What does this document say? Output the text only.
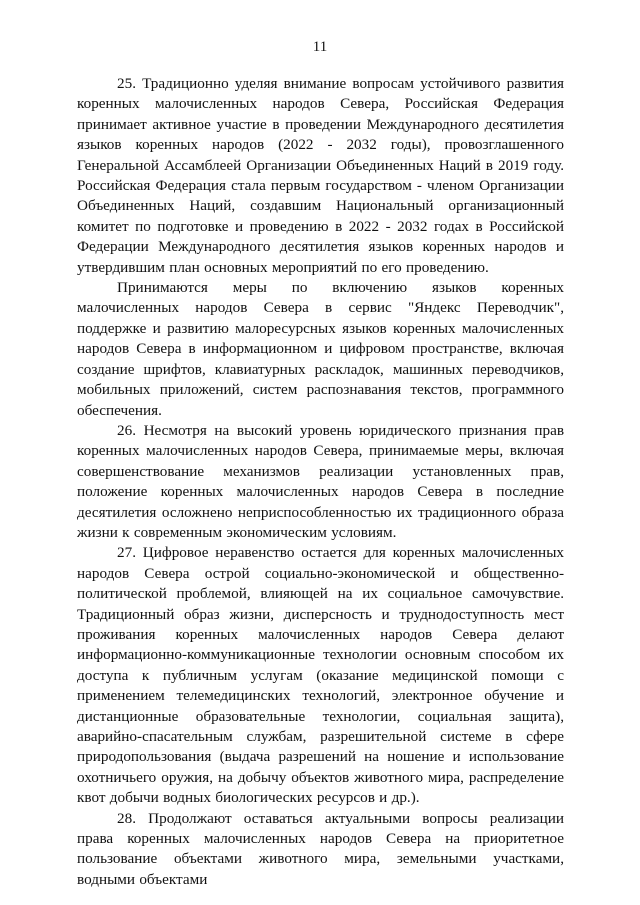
11

25. Традиционно уделяя внимание вопросам устойчивого развития коренных малочисленных народов Севера, Российская Федерация принимает активное участие в проведении Международного десятилетия языков коренных народов (2022 - 2032 годы), провозглашенного Генеральной Ассамблеей Организации Объединенных Наций в 2019 году. Российская Федерация стала первым государством - членом Организации Объединенных Наций, создавшим Национальный организационный комитет по подготовке и проведению в 2022 - 2032 годах в Российской Федерации Международного десятилетия языков коренных народов и утвердившим план основных мероприятий по его проведению.

Принимаются меры по включению языков коренных малочисленных народов Севера в сервис "Яндекс Переводчик", поддержке и развитию малоресурсных языков коренных малочисленных народов Севера в информационном и цифровом пространстве, включая создание шрифтов, клавиатурных раскладок, машинных переводчиков, мобильных приложений, систем распознавания текстов, программного обеспечения.

26. Несмотря на высокий уровень юридического признания прав коренных малочисленных народов Севера, принимаемые меры, включая совершенствование механизмов реализации установленных прав, положение коренных малочисленных народов Севера в последние десятилетия осложнено неприспособленностью их традиционного образа жизни к современным экономическим условиям.

27. Цифровое неравенство остается для коренных малочисленных народов Севера острой социально-экономической и общественно-политической проблемой, влияющей на их социальное самочувствие. Традиционный образ жизни, дисперсность и труднодоступность мест проживания коренных малочисленных народов Севера делают информационно-коммуникационные технологии основным способом их доступа к публичным услугам (оказание медицинской помощи с применением телемедицинских технологий, электронное обучение и дистанционные образовательные технологии, социальная защита), аварийно-спасательным службам, разрешительной системе в сфере природопользования (выдача разрешений на ношение и использование охотничьего оружия, на добычу объектов животного мира, распределение квот добычи водных биологических ресурсов и др.).

28. Продолжают оставаться актуальными вопросы реализации права коренных малочисленных народов Севера на приоритетное пользование объектами животного мира, земельными участками, водными объектами
